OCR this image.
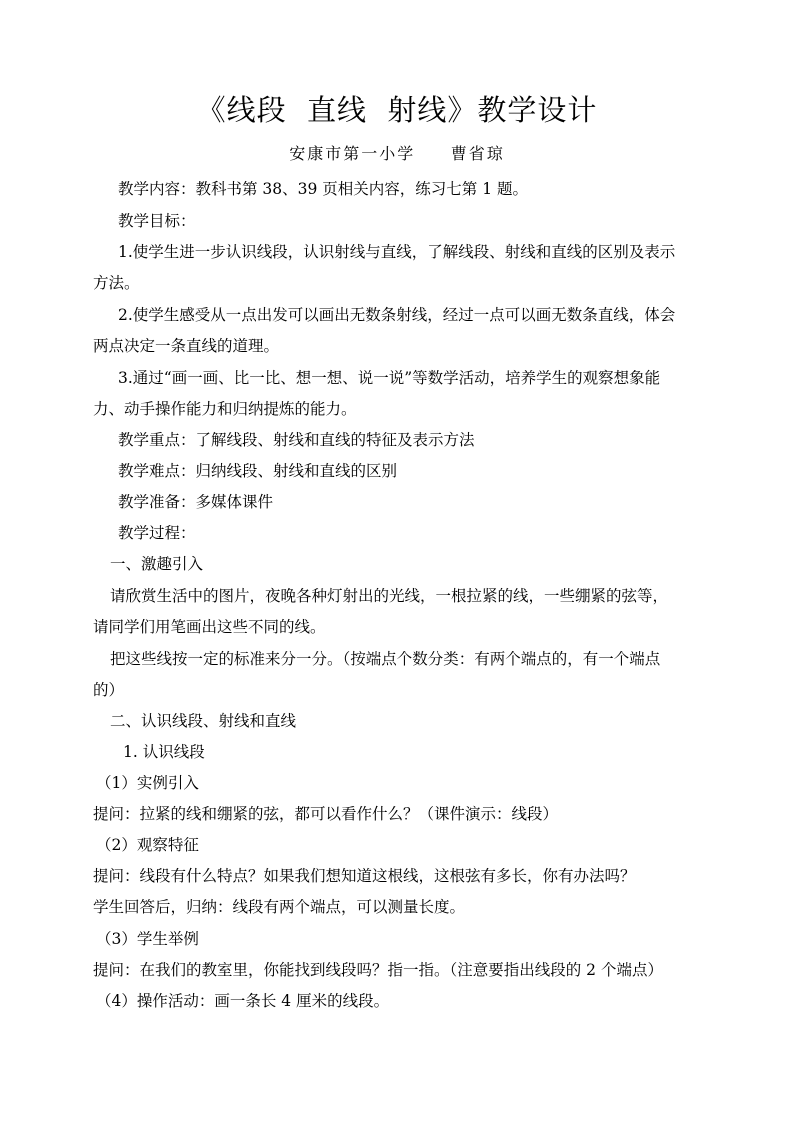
《线段  直线  射线》教学设计
安康市第一小学     曹省琼
教学内容：教科书第 38、39 页相关内容，练习七第 1 题。
教学目标：
1.使学生进一步认识线段，认识射线与直线，了解线段、射线和直线的区别及表示
方法。
2.使学生感受从一点出发可以画出无数条射线，经过一点可以画无数条直线，体会
两点决定一条直线的道理。
3.通过“画一画、比一比、想一想、说一说”等数学活动，培养学生的观察想象能
力、动手操作能力和归纳提炼的能力。
教学重点：了解线段、射线和直线的特征及表示方法
教学难点：归纳线段、射线和直线的区别
教学准备：多媒体课件
教学过程：
一、激趣引入
请欣赏生活中的图片，夜晚各种灯射出的光线，一根拉紧的线，一些绷紧的弦等，
请同学们用笔画出这些不同的线。
把这些线按一定的标准来分一分。（按端点个数分类：有两个端点的，有一个端点
的）
二、认识线段、射线和直线
1. 认识线段
（1）实例引入
提问：拉紧的线和绷紧的弦，都可以看作什么？（课件演示：线段）
（2）观察特征
提问：线段有什么特点？如果我们想知道这根线，这根弦有多长，你有办法吗？
学生回答后，归纳：线段有两个端点，可以测量长度。
（3）学生举例
提问：在我们的教室里，你能找到线段吗？指一指。（注意要指出线段的 2 个端点）
（4）操作活动：画一条长 4 厘米的线段。
